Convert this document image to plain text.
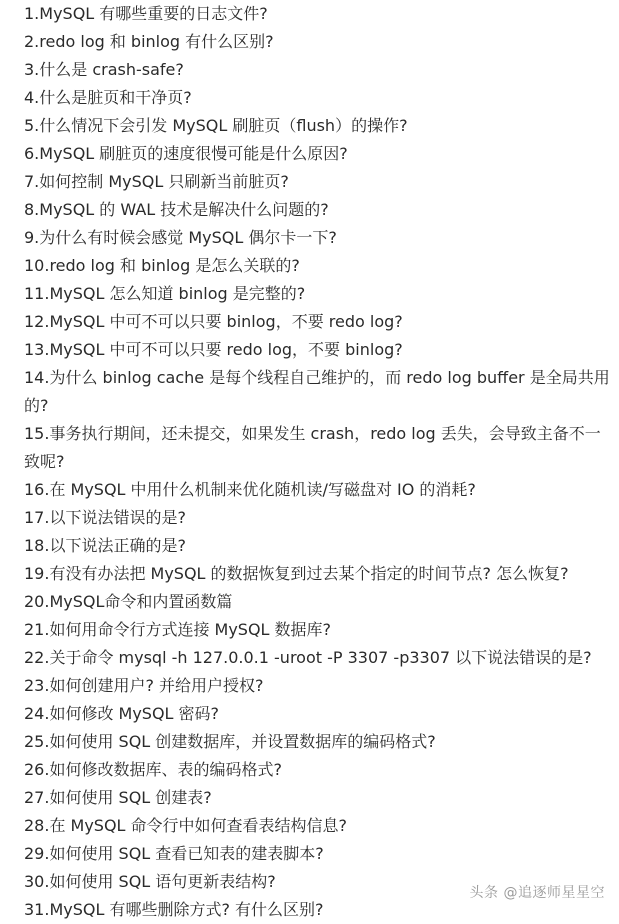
1.MySQL 有哪些重要的日志文件?
2.redo log 和 binlog 有什么区别?
3.什么是 crash-safe?
4.什么是脏页和干净页?
5.什么情况下会引发 MySQL 刷脏页（flush）的操作?
6.MySQL 刷脏页的速度很慢可能是什么原因?
7.如何控制 MySQL 只刷新当前脏页?
8.MySQL 的 WAL 技术是解决什么问题的?
9.为什么有时候会感觉 MySQL 偶尔卡一下?
10.redo log 和 binlog 是怎么关联的?
11.MySQL 怎么知道 binlog 是完整的?
12.MySQL 中可不可以只要 binlog，不要 redo log?
13.MySQL 中可不可以只要 redo log，不要 binlog?
14.为什么 binlog cache 是每个线程自己维护的，而 redo log buffer 是全局共用的?
15.事务执行期间，还未提交，如果发生 crash，redo log 丢失，会导致主备不一致呢?
16.在 MySQL 中用什么机制来优化随机读/写磁盘对 IO 的消耗?
17.以下说法错误的是?
18.以下说法正确的是?
19.有没有办法把 MySQL 的数据恢复到过去某个指定的时间节点? 怎么恢复?
20.MySQL命令和内置函数篇
21.如何用命令行方式连接 MySQL 数据库?
22.关于命令 mysql -h 127.0.0.1 -uroot -P 3307 -p3307 以下说法错误的是?
23.如何创建用户? 并给用户授权?
24.如何修改 MySQL 密码?
25.如何使用 SQL 创建数据库，并设置数据库的编码格式?
26.如何修改数据库、表的编码格式?
27.如何使用 SQL 创建表?
28.在 MySQL 命令行中如何查看表结构信息?
29.如何使用 SQL 查看已知表的建表脚本?
30.如何使用 SQL 语句更新表结构?
31.MySQL 有哪些删除方式? 有什么区别?
头条 @追逐师星星空
